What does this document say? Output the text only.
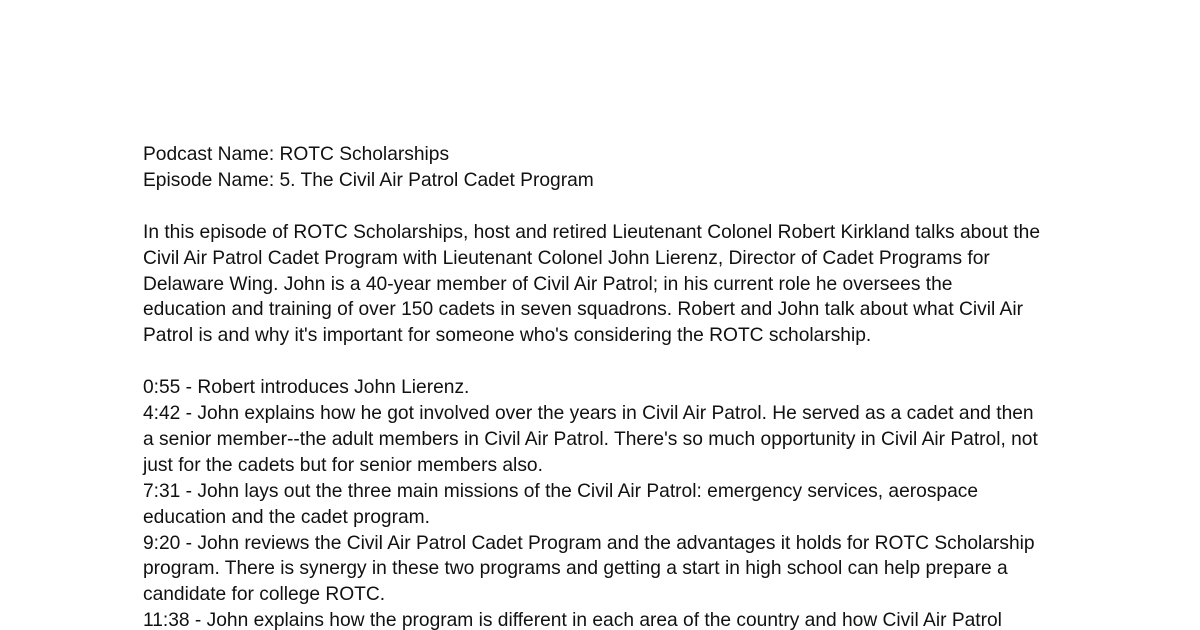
Podcast Name: ROTC Scholarships
Episode Name: 5. The Civil Air Patrol Cadet Program
In this episode of ROTC Scholarships, host and retired Lieutenant Colonel Robert Kirkland talks about the
Civil Air Patrol Cadet Program with Lieutenant Colonel John Lierenz, Director of Cadet Programs for
Delaware Wing. John is a 40-year member of Civil Air Patrol; in his current role he oversees the
education and training of over 150 cadets in seven squadrons. Robert and John talk about what Civil Air
Patrol is and why it's important for someone who's considering the ROTC scholarship.
0:55 - Robert introduces John Lierenz.
4:42 - John explains how he got involved over the years in Civil Air Patrol. He served as a cadet and then
a senior member--the adult members in Civil Air Patrol. There's so much opportunity in Civil Air Patrol, not
just for the cadets but for senior members also.
7:31 - John lays out the three main missions of the Civil Air Patrol: emergency services, aerospace
education and the cadet program.
9:20 - John reviews the Civil Air Patrol Cadet Program and the advantages it holds for ROTC Scholarship
program. There is synergy in these two programs and getting a start in high school can help prepare a
candidate for college ROTC.
11:38 - John explains how the program is different in each area of the country and how Civil Air Patrol
